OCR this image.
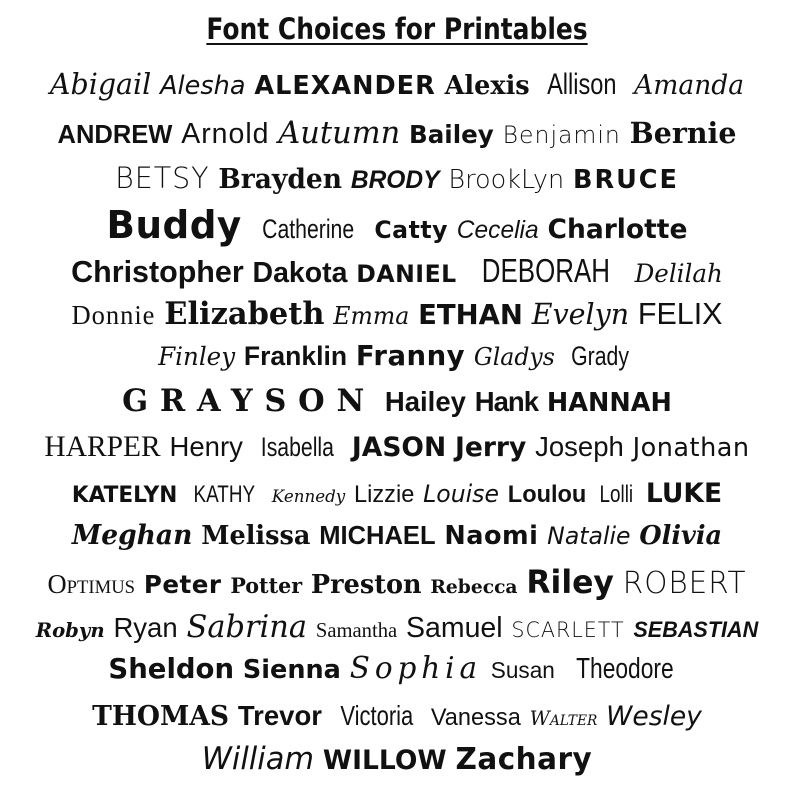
Font Choices for Printables
Abigail Alesha ALEXANDER Alexis Allison Amanda
ANDREW Arnold Autumn Bailey Benjamin Bernie
BETSY Brayden BRODY BrookLyn BRUCE
Buddy Catherine Catty Cecelia Charlotte
Christopher Dakota DANIEL DEBORAH Delilah
Donnie Elizabeth Emma ETHAN Evelyn FELIX
Finley Franklin Franny Gladys Grady
GRAYSON Hailey Hank HANNAH
HARPER Henry Isabella JASON Jerry Joseph Jonathan
KATELYN KATHY Kennedy Lizzie Louise Loulou Lolli LUKE
Meghan Melissa MICHAEL Naomi Natalie Olivia
Optimus Peter Potter Preston Rebecca Riley ROBERT
Robyn Ryan Sabrina Samantha Samuel SCARLETT SEBASTIAN
Sheldon Sienna Sophia Susan Theodore
THOMAS Trevor Victoria Vanessa Walter Wesley
William WILLOW Zachary
